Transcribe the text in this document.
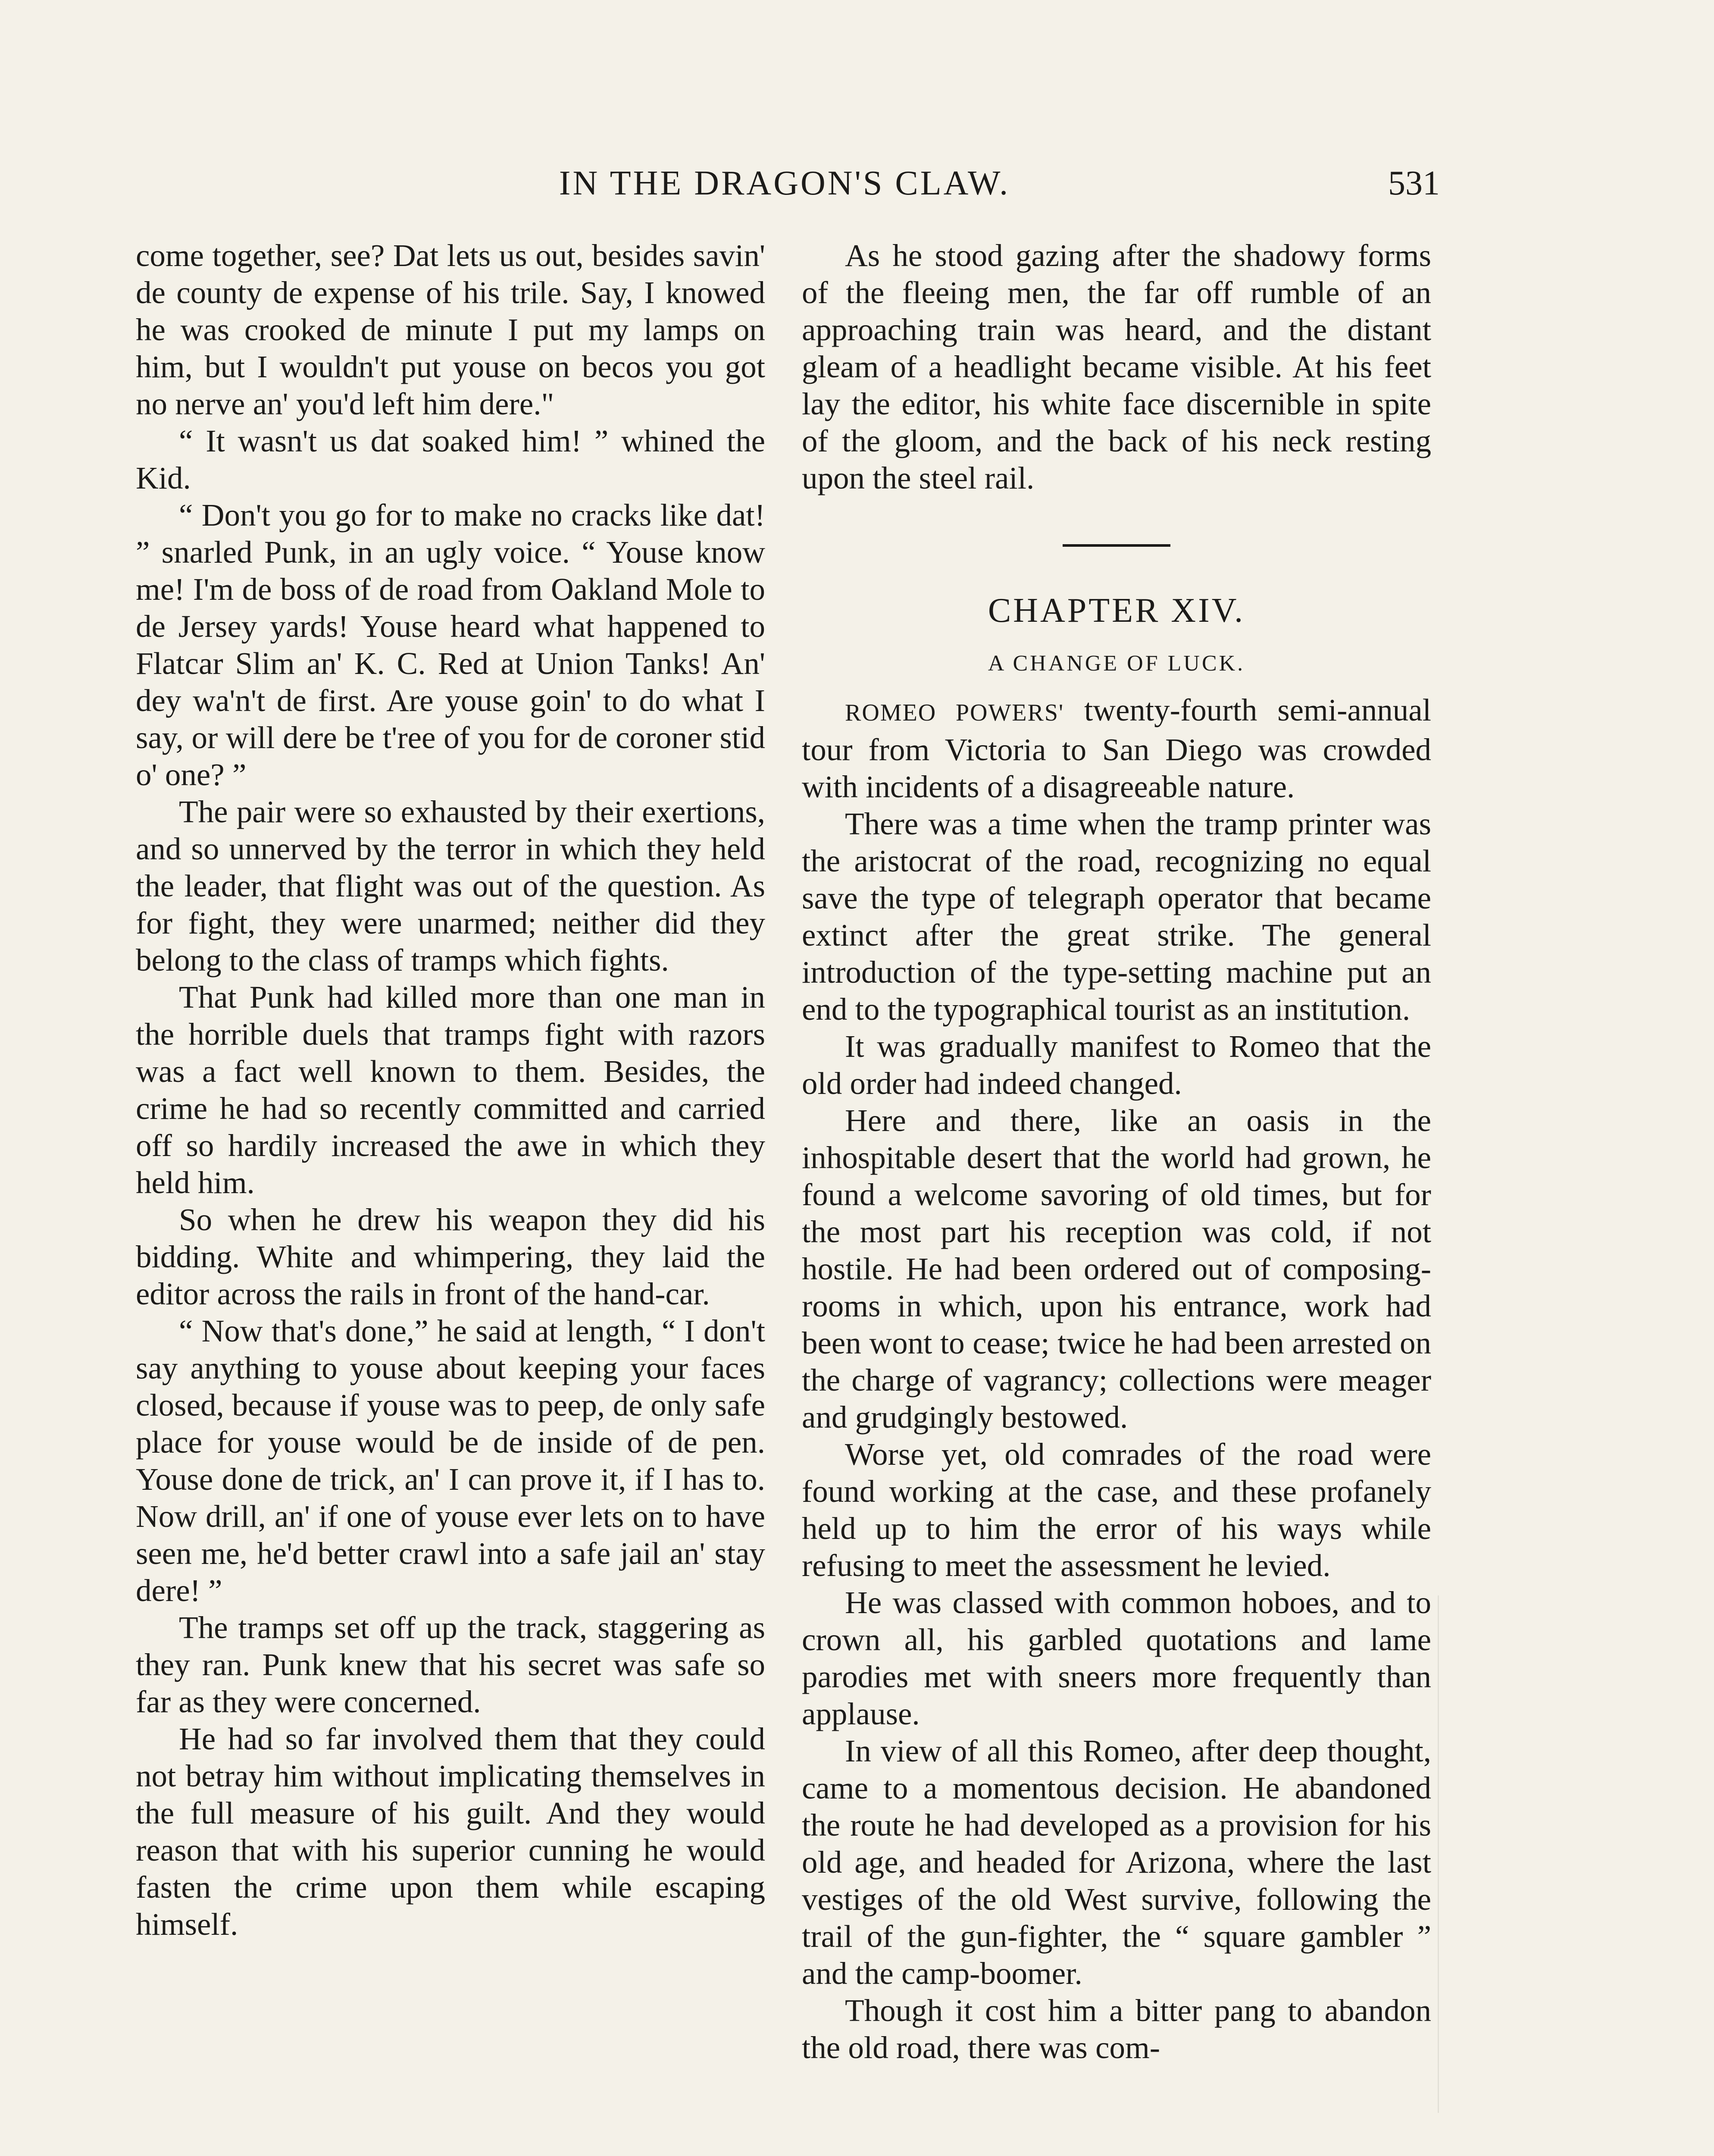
IN THE DRAGON'S CLAW.	531

come together, see? Dat lets us out, besides savin' de county de expense of his trile. Say, I knowed he was crooked de minute I put my lamps on him, but I wouldn't put youse on becos you got no nerve an' you'd left him dere."

“ It wasn't us dat soaked him! ” whined the Kid.

“ Don't you go for to make no cracks like dat! ” snarled Punk, in an ugly voice. “ Youse know me! I'm de boss of de road from Oakland Mole to de Jersey yards! Youse heard what happened to Flatcar Slim an' K. C. Red at Union Tanks! An' dey wa'n't de first. Are youse goin' to do what I say, or will dere be t'ree of you for de coroner stid o' one? ”

The pair were so exhausted by their exertions, and so unnerved by the terror in which they held the leader, that flight was out of the question. As for fight, they were unarmed; neither did they belong to the class of tramps which fights.

That Punk had killed more than one man in the horrible duels that tramps fight with razors was a fact well known to them. Besides, the crime he had so recently committed and carried off so hardily increased the awe in which they held him.

So when he drew his weapon they did his bidding. White and whimpering, they laid the editor across the rails in front of the hand-car.

“ Now that's done,” he said at length, “ I don't say anything to youse about keeping your faces closed, because if youse was to peep, de only safe place for youse would be de inside of de pen. Youse done de trick, an' I can prove it, if I has to. Now drill, an' if one of youse ever lets on to have seen me, he'd better crawl into a safe jail an' stay dere! ”

The tramps set off up the track, staggering as they ran. Punk knew that his secret was safe so far as they were concerned.

He had so far involved them that they could not betray him without implicating themselves in the full measure of his guilt. And they would reason that with his superior cunning he would fasten the crime upon them while escaping himself.

As he stood gazing after the shadowy forms of the fleeing men, the far off rumble of an approaching train was heard, and the distant gleam of a headlight became visible. At his feet lay the editor, his white face discernible in spite of the gloom, and the back of his neck resting upon the steel rail.

CHAPTER XIV.
A CHANGE OF LUCK.

ROMEO POWERS' twenty-fourth semi-annual tour from Victoria to San Diego was crowded with incidents of a disagreeable nature.

There was a time when the tramp printer was the aristocrat of the road, recognizing no equal save the type of telegraph operator that became extinct after the great strike. The general introduction of the type-setting machine put an end to the typographical tourist as an institution.

It was gradually manifest to Romeo that the old order had indeed changed.

Here and there, like an oasis in the inhospitable desert that the world had grown, he found a welcome savoring of old times, but for the most part his reception was cold, if not hostile. He had been ordered out of composing-rooms in which, upon his entrance, work had been wont to cease; twice he had been arrested on the charge of vagrancy; collections were meager and grudgingly bestowed.

Worse yet, old comrades of the road were found working at the case, and these profanely held up to him the error of his ways while refusing to meet the assessment he levied.

He was classed with common hoboes, and to crown all, his garbled quotations and lame parodies met with sneers more frequently than applause.

In view of all this Romeo, after deep thought, came to a momentous decision. He abandoned the route he had developed as a provision for his old age, and headed for Arizona, where the last vestiges of the old West survive, following the trail of the gun-fighter, the “ square gambler ” and the camp-boomer.

Though it cost him a bitter pang to abandon the old road, there was com-
